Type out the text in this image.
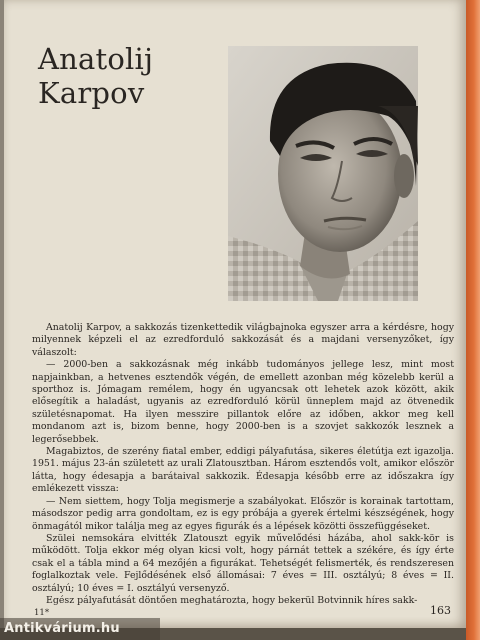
Anatolij
Karpov

Anatolij Karpov, a sakkozás tizenkettedik világbajnoka egyszer arra a kérdésre, hogy milyennek képzeli el az ezredforduló sakkozását és a majdani versenyzőket, így válaszolt:

— 2000-ben a sakkozásnak még inkább tudományos jellege lesz, mint most napjainkban, a hetvenes esztendők végén, de emellett azonban még közelebb kerül a sporthoz is. Jómagam remélem, hogy én ugyancsak ott lehetek azok között, akik elősegítik a haladást, ugyanis az ezredforduló körül ünneplem majd az ötvenedik születésnapomat. Ha ilyen messzire pillantok előre az időben, akkor meg kell mondanom azt is, bizom benne, hogy 2000-ben is a szovjet sakkozók lesznek a legerősebbek.

Magabiztos, de szerény fiatal ember, eddigi pályafutása, sikeres életútja ezt igazolja. 1951. május 23-án született az urali Zlatousztban. Három esztendős volt, amikor először látta, hogy édesapja a barátaival sakkozik. Édesapja később erre az időszakra így emlékezett vissza:

— Nem siettem, hogy Tolja megismerje a szabályokat. Először is korainak tartottam, másodszor pedig arra gondoltam, ez is egy próbája a gyerek értelmi készségének, hogy önmagától mikor találja meg az egyes figurák és a lépések közötti összefüggéseket.

Szülei nemsokára elvitték Zlatouszt egyik művelődési házába, ahol sakk-kör is működött. Tolja ekkor még olyan kicsi volt, hogy párnát tettek a székére, és így érte csak el a tábla mind a 64 mezőjén a figurákat. Tehetségét felismerték, és rendszeresen foglalkoztak vele. Fejlődésének első állomásai: 7 éves = III. osztályú; 8 éves = II. osztályú; 10 éves = I. osztályú versenyző.

Egész pályafutását döntően meghatározta, hogy bekerül Botvinnik híres sakk-

11*	163
Antikvárium.hu
